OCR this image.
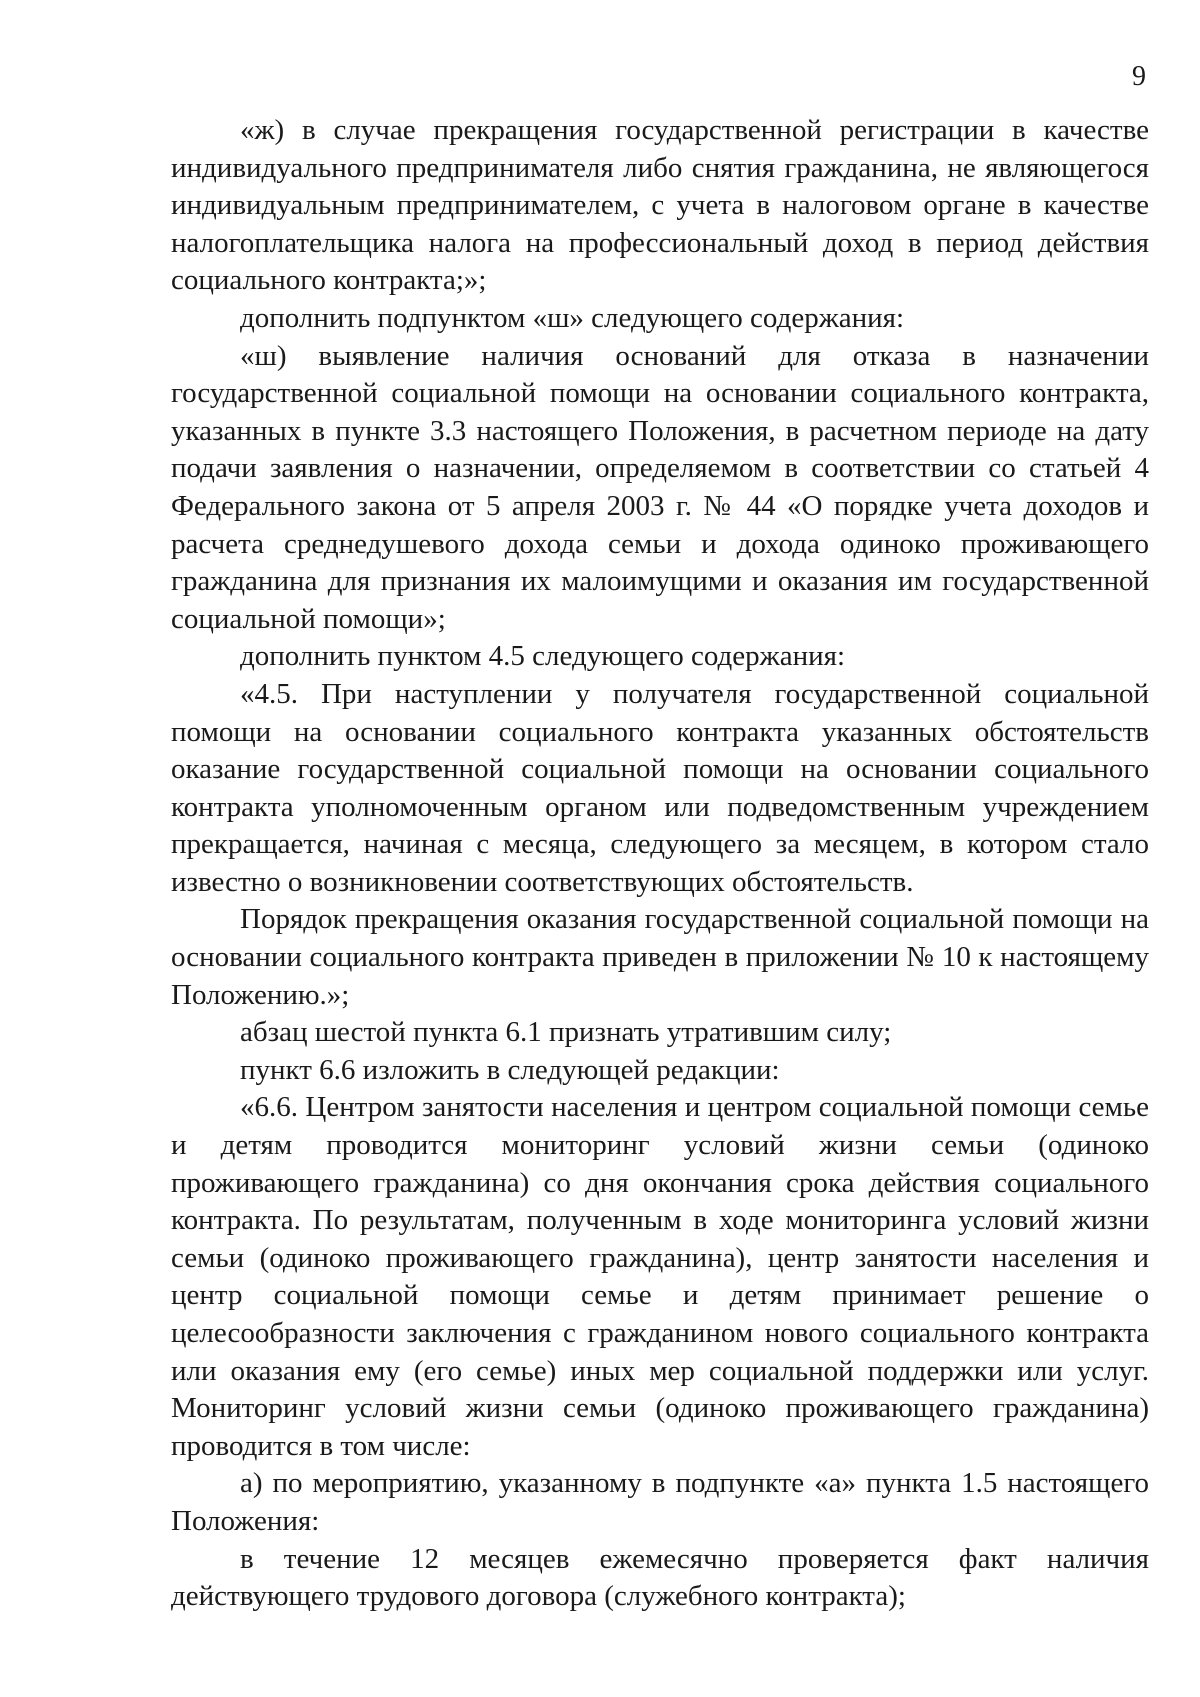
9

«ж) в случае прекращения государственной регистрации в качестве индивидуального предпринимателя либо снятия гражданина, не являющегося индивидуальным предпринимателем, с учета в налоговом органе в качестве налогоплательщика налога на профессиональный доход в период действия социального контракта;»;

дополнить подпунктом «ш» следующего содержания:

«ш) выявление наличия оснований для отказа в назначении государственной социальной помощи на основании социального контракта, указанных в пункте 3.3 настоящего Положения, в расчетном периоде на дату подачи заявления о назначении, определяемом в соответствии со статьей 4 Федерального закона от 5 апреля 2003 г. № 44 «О порядке учета доходов и расчета среднедушевого дохода семьи и дохода одиноко проживающего гражданина для признания их малоимущими и оказания им государственной социальной помощи»;

дополнить пунктом 4.5 следующего содержания:

«4.5. При наступлении у получателя государственной социальной помощи на основании социального контракта указанных обстоятельств оказание государственной социальной помощи на основании социального контракта уполномоченным органом или подведомственным учреждением прекращается, начиная с месяца, следующего за месяцем, в котором стало известно о возникновении соответствующих обстоятельств.

Порядок прекращения оказания государственной социальной помощи на основании социального контракта приведен в приложении № 10 к настоящему Положению.»;

абзац шестой пункта 6.1 признать утратившим силу;

пункт 6.6 изложить в следующей редакции:

«6.6. Центром занятости населения и центром социальной помощи семье и детям проводится мониторинг условий жизни семьи (одиноко проживающего гражданина) со дня окончания срока действия социального контракта. По результатам, полученным в ходе мониторинга условий жизни семьи (одиноко проживающего гражданина), центр занятости населения и центр социальной помощи семье и детям принимает решение о целесообразности заключения с гражданином нового социального контракта или оказания ему (его семье) иных мер социальной поддержки или услуг. Мониторинг условий жизни семьи (одиноко проживающего гражданина) проводится в том числе:

а) по мероприятию, указанному в подпункте «а» пункта 1.5 настоящего Положения:

в течение 12 месяцев ежемесячно проверяется факт наличия действующего трудового договора (служебного контракта);
